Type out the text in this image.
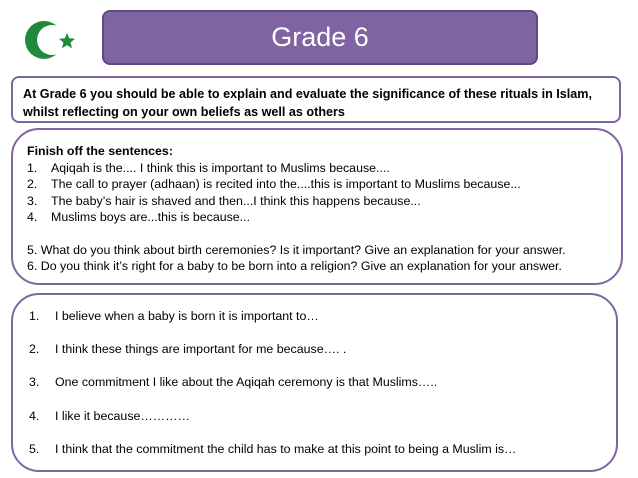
Grade 6
At Grade 6 you should be able to explain and evaluate the significance of these rituals in Islam, whilst reflecting on your own beliefs as well as others
Finish off the sentences:
1.	Aqiqah is the.... I think this is important to Muslims because....
2.	The call to prayer (adhaan) is recited into the....this is important to Muslims because...
3.	The baby’s hair is shaved and then...I think this happens because...
4.	Muslims boys are...this is because...
5. What do you think about birth ceremonies? Is it important? Give an explanation for your answer.
6. Do you think it’s right for a baby to be born into a religion? Give an explanation for your answer.
1.	I believe when a baby is born it is important to…
2.	I think these things are important for me because…. .
3.	One commitment I like about the Aqiqah ceremony is that Muslims…..
4.	I like it because…………
5.	I think that the commitment the child has to make at this point to being a Muslim is…
